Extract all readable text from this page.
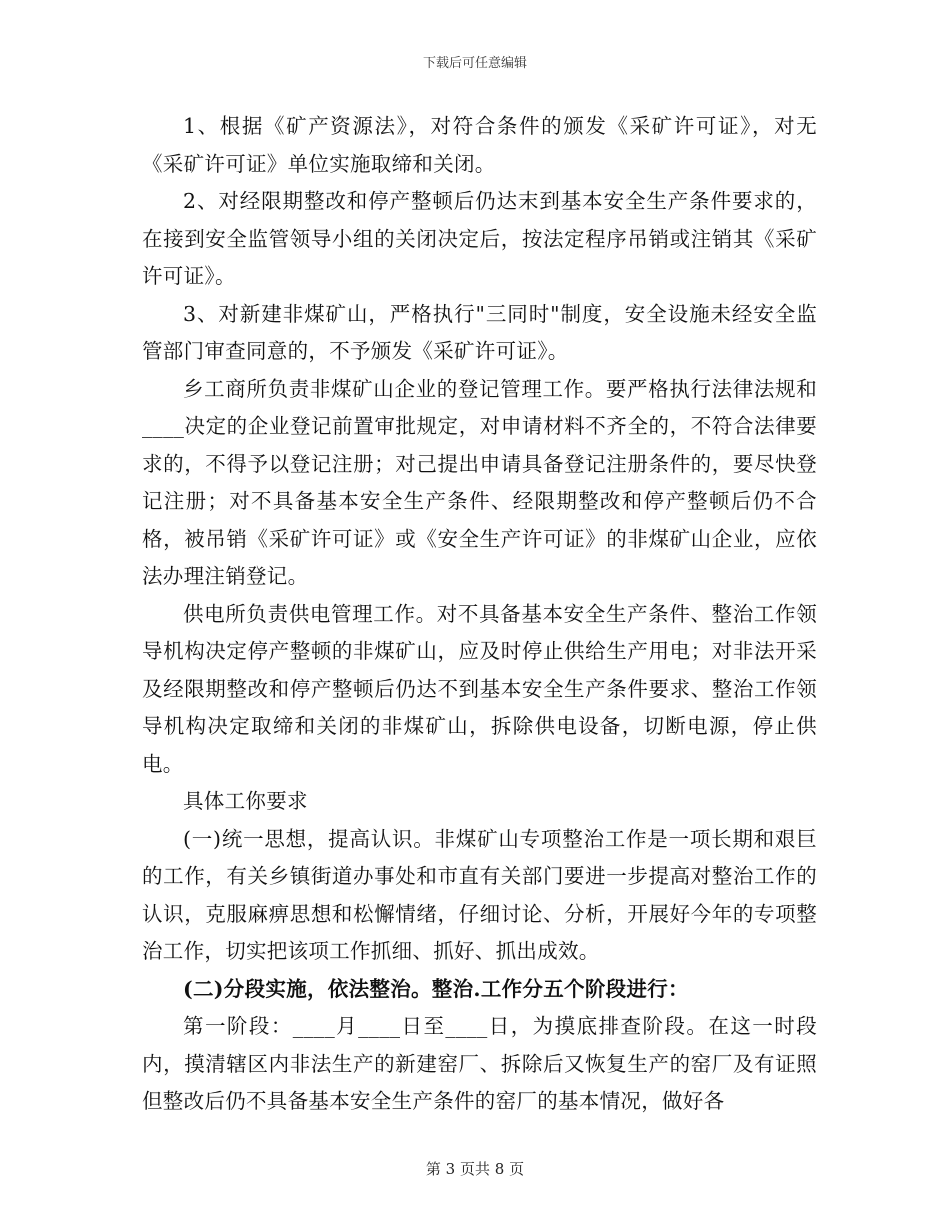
下载后可任意编辑

1、根据《矿产资源法》，对符合条件的颁发《采矿许可证》，对无《采矿许可证》单位实施取缔和关闭。

2、对经限期整改和停产整顿后仍达末到基本安全生产条件要求的，在接到安全监管领导小组的关闭决定后，按法定程序吊销或注销其《采矿许可证》。

3、对新建非煤矿山，严格执行"三同时"制度，安全设施未经安全监管部门审查同意的，不予颁发《采矿许可证》。

乡工商所负责非煤矿山企业的登记管理工作。要严格执行法律法规和____决定的企业登记前置审批规定，对申请材料不齐全的，不符合法律要求的，不得予以登记注册；对己提出申请具备登记注册条件的，要尽快登记注册；对不具备基本安全生产条件、经限期整改和停产整顿后仍不合格，被吊销《采矿许可证》或《安全生产许可证》的非煤矿山企业，应依法办理注销登记。

供电所负责供电管理工作。对不具备基本安全生产条件、整治工作领导机构决定停产整顿的非煤矿山，应及时停止供给生产用电；对非法开采及经限期整改和停产整顿后仍达不到基本安全生产条件要求、整治工作领导机构决定取缔和关闭的非煤矿山，拆除供电设备，切断电源，停止供电。

具体工你要求

(一)统一思想，提高认识。非煤矿山专项整治工作是一项长期和艰巨的工作，有关乡镇街道办事处和市直有关部门要进一步提高对整治工作的认识，克服麻痹思想和松懈情绪，仔细讨论、分析，开展好今年的专项整治工作，切实把该项工作抓细、抓好、抓出成效。

(二)分段实施，依法整治。整治.工作分五个阶段进行：

第一阶段：____月____日至____日，为摸底排查阶段。在这一时段内，摸清辖区内非法生产的新建窑厂、拆除后又恢复生产的窑厂及有证照但整改后仍不具备基本安全生产条件的窑厂的基本情况，做好各

第 3 页共 8 页
